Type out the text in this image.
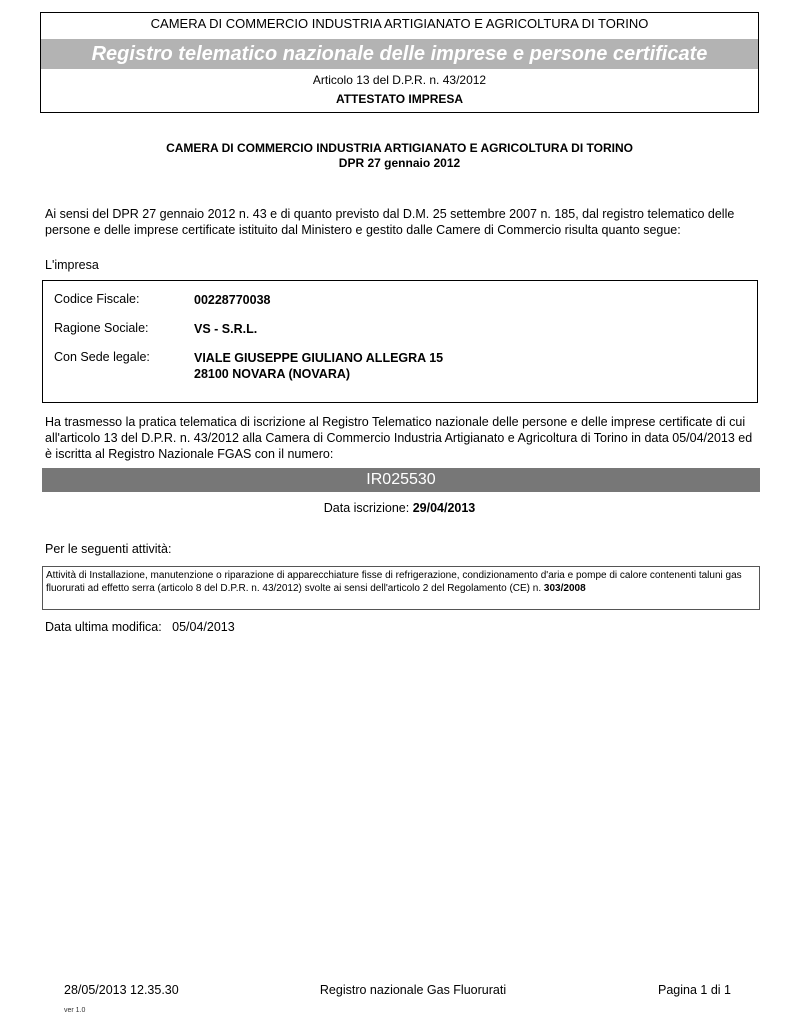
CAMERA DI COMMERCIO INDUSTRIA ARTIGIANATO E AGRICOLTURA DI TORINO
Registro telematico nazionale delle imprese e persone certificate
Articolo 13 del D.P.R. n. 43/2012
ATTESTATO IMPRESA
CAMERA DI COMMERCIO INDUSTRIA ARTIGIANATO E AGRICOLTURA DI TORINO
DPR 27 gennaio 2012
Ai sensi del DPR 27 gennaio 2012 n. 43 e di quanto previsto dal D.M. 25 settembre 2007 n. 185, dal registro telematico delle persone e delle imprese certificate istituito dal Ministero e gestito dalle Camere di Commercio risulta quanto segue:
L'impresa
Codice Fiscale:	00228770038
Ragione Sociale:	VS - S.R.L.
Con Sede legale:	VIALE GIUSEPPE GIULIANO ALLEGRA 15
28100 NOVARA (NOVARA)
Ha trasmesso la pratica telematica di iscrizione al Registro Telematico nazionale delle persone e delle imprese certificate di cui all'articolo 13 del D.P.R. n. 43/2012 alla Camera di Commercio Industria Artigianato e Agricoltura di Torino in data 05/04/2013 ed è iscritta al Registro Nazionale FGAS con il numero:
IR025530
Data iscrizione: 29/04/2013
Per le seguenti attività:
Attività di Installazione, manutenzione o riparazione di apparecchiature fisse di refrigerazione, condizionamento d'aria e pompe di calore contenenti taluni gas fluorurati ad effetto serra (articolo 8 del D.P.R. n. 43/2012) svolte ai sensi dell'articolo 2 del Regolamento (CE) n. 303/2008
Data ultima modifica: 05/04/2013
28/05/2013 12.35.30	Registro nazionale Gas Fluorurati	Pagina 1 di 1
ver 1.0
